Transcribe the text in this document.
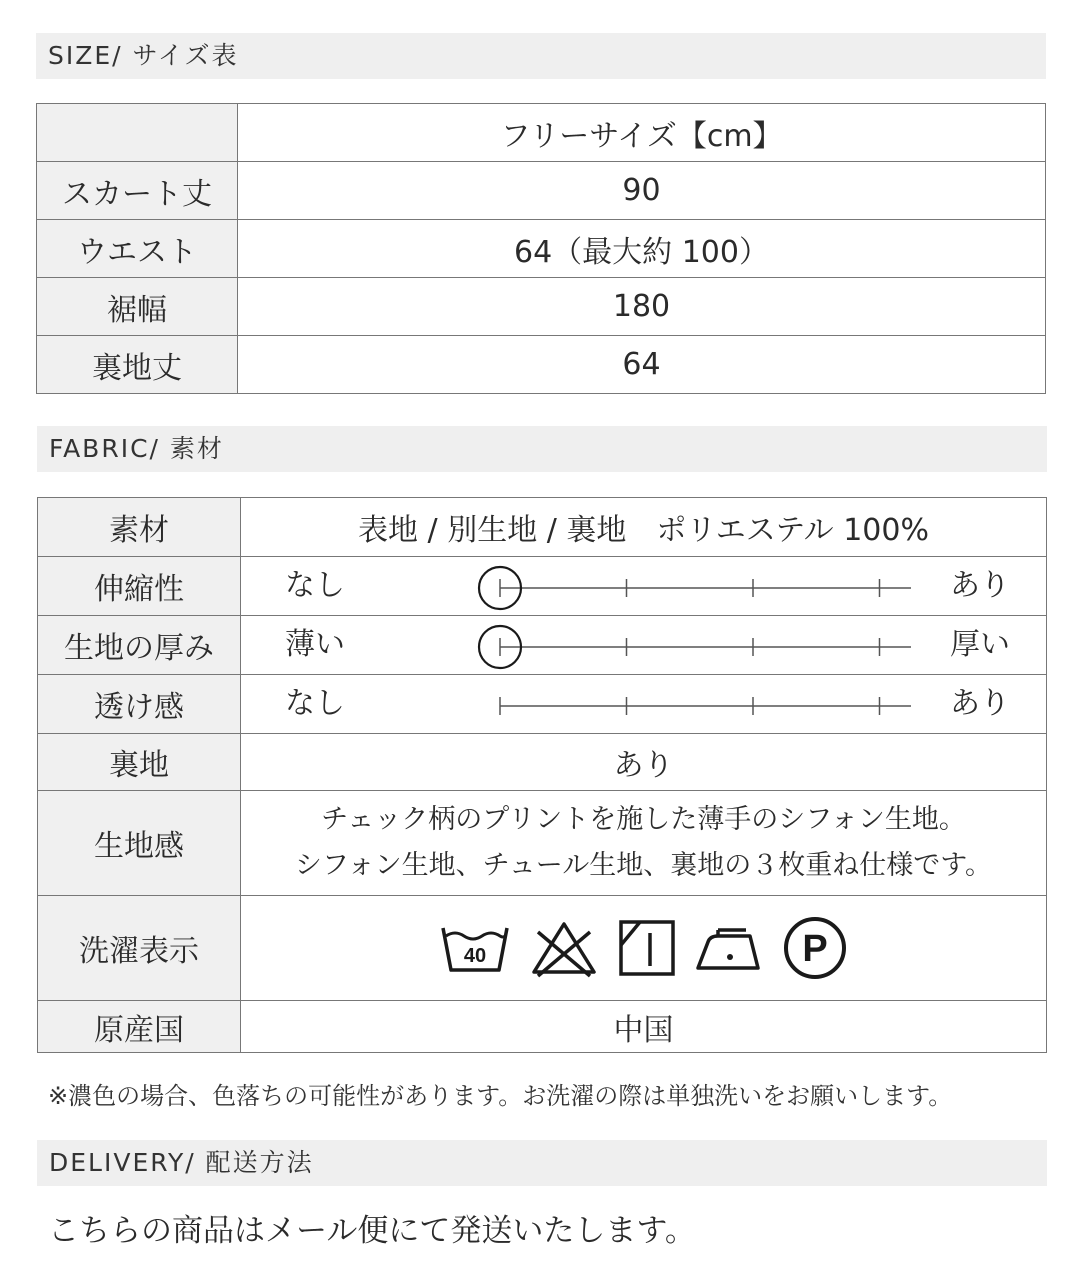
SIZE/ サイズ表
	フリーサイズ【cm】
スカート丈	90
ウエスト	64（最大約 100）
裾幅	180
裏地丈	64
FABRIC/ 素材
素材	表地 / 別生地 / 裏地　ポリエステル 100%
伸縮性	なし あり

生地の厚み	薄い 厚い

透け感	なし あり

裏地	あり
生地感	チェック柄のプリントを施した薄手のシフォン生地。
シフォン生地、チュール生地、裏地の３枚重ね仕様です。

洗濯表示	40 P

原産国	中国
※濃色の場合、色落ちの可能性があります。お洗濯の際は単独洗いをお願いします。
DELIVERY/ 配送方法
こちらの商品はメール便にて発送いたします。
